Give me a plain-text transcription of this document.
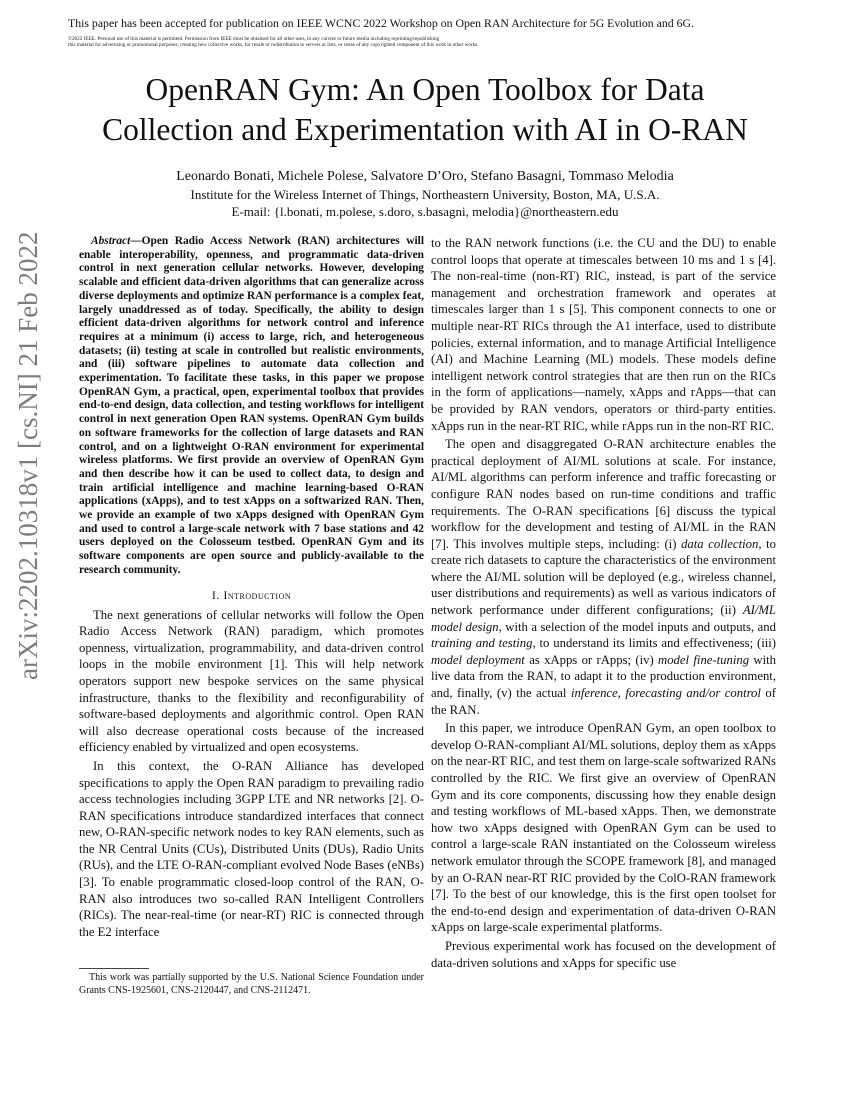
This paper has been accepted for publication on IEEE WCNC 2022 Workshop on Open RAN Architecture for 5G Evolution and 6G.
©2022 IEEE. Personal use of this material is permitted. Permission from IEEE must be obtained for all other uses, in any current or future media including reprinting/republishing
this material for advertising or promotional purposes, creating new collective works, for resale or redistribution to servers or lists, or reuse of any copyrighted component of this work in other works.
OpenRAN Gym: An Open Toolbox for Data
Collection and Experimentation with AI in O-RAN
Leonardo Bonati, Michele Polese, Salvatore D’Oro, Stefano Basagni, Tommaso Melodia
Institute for the Wireless Internet of Things, Northeastern University, Boston, MA, U.S.A.
E-mail: {l.bonati, m.polese, s.doro, s.basagni, melodia}@northeastern.edu
arXiv:2202.10318v1 [cs.NI] 21 Feb 2022	Abstract—Open Radio Access Network (RAN) architectures will enable interoperability, openness, and programmatic data-driven control in next generation cellular networks. However, developing scalable and efficient data-driven algorithms that can generalize across diverse deployments and optimize RAN performance is a complex feat, largely unaddressed as of today. Specifically, the ability to design efficient data-driven algorithms for network control and inference requires at a minimum (i) access to large, rich, and heterogeneous datasets; (ii) testing at scale in controlled but realistic environments, and (iii) software pipelines to automate data collection and experimentation. To facilitate these tasks, in this paper we propose OpenRAN Gym, a practical, open, experimental toolbox that provides end-to-end design, data collection, and testing workflows for intelligent control in next generation Open RAN systems. OpenRAN Gym builds on software frameworks for the collection of large datasets and RAN control, and on a lightweight O-RAN environment for experimental wireless platforms. We first provide an overview of OpenRAN Gym and then describe how it can be used to collect data, to design and train artificial intelligence and machine learning-based O-RAN applications (xApps), and to test xApps on a softwarized RAN. Then, we provide an example of two xApps designed with OpenRAN Gym and used to control a large-scale network with 7 base stations and 42 users deployed on the Colosseum testbed. OpenRAN Gym and its software components are open source and publicly-available to the research community.

I. Introduction

The next generations of cellular networks will follow the Open Radio Access Network (RAN) paradigm, which promotes openness, virtualization, programmability, and data-driven control loops in the mobile environment [1]. This will help network operators support new bespoke services on the same physical infrastructure, thanks to the flexibility and reconfigurability of software-based deployments and algorithmic control. Open RAN will also decrease operational costs because of the increased efficiency enabled by virtualized and open ecosystems.

In this context, the O-RAN Alliance has developed specifications to apply the Open RAN paradigm to prevailing radio access technologies including 3GPP LTE and NR networks [2]. O-RAN specifications introduce standardized interfaces that connect new, O-RAN-specific network nodes to key RAN elements, such as the NR Central Units (CUs), Distributed Units (DUs), Radio Units (RUs), and the LTE O-RAN-compliant evolved Node Bases (eNBs) [3]. To enable programmatic closed-loop control of the RAN, O-RAN also introduces two so-called RAN Intelligent Controllers (RICs). The near-real-time (or near-RT) RIC is connected through the E2 interface

to the RAN network functions (i.e. the CU and the DU) to enable control loops that operate at timescales between 10 ms and 1 s [4]. The non-real-time (non-RT) RIC, instead, is part of the service management and orchestration framework and operates at timescales larger than 1 s [5]. This component connects to one or multiple near-RT RICs through the A1 interface, used to distribute policies, external information, and to manage Artificial Intelligence (AI) and Machine Learning (ML) models. These models define intelligent network control strategies that are then run on the RICs in the form of applications—namely, xApps and rApps—that can be provided by RAN vendors, operators or third-party entities. xApps run in the near-RT RIC, while rApps run in the non-RT RIC.

The open and disaggregated O-RAN architecture enables the practical deployment of AI/ML solutions at scale. For instance, AI/ML algorithms can perform inference and traffic forecasting or configure RAN nodes based on run-time conditions and traffic requirements. The O-RAN specifications [6] discuss the typical workflow for the development and testing of AI/ML in the RAN [7]. This involves multiple steps, including: (i) data collection, to create rich datasets to capture the characteristics of the environment where the AI/ML solution will be deployed (e.g., wireless channel, user distributions and requirements) as well as various indicators of network performance under different configurations; (ii) AI/ML model design, with a selection of the model inputs and outputs, and training and testing, to understand its limits and effectiveness; (iii) model deployment as xApps or rApps; (iv) model fine-tuning with live data from the RAN, to adapt it to the production environment, and, finally, (v) the actual inference, forecasting and/or control of the RAN.

In this paper, we introduce OpenRAN Gym, an open toolbox to develop O-RAN-compliant AI/ML solutions, deploy them as xApps on the near-RT RIC, and test them on large-scale softwarized RANs controlled by the RIC. We first give an overview of OpenRAN Gym and its core components, discussing how they enable design and testing workflows of ML-based xApps. Then, we demonstrate how two xApps designed with OpenRAN Gym can be used to control a large-scale RAN instantiated on the Colosseum wireless network emulator through the SCOPE framework [8], and managed by an O-RAN near-RT RIC provided by the ColO-RAN framework [7]. To the best of our knowledge, this is the first open toolset for the end-to-end design and experimentation of data-driven O-RAN xApps on large-scale experimental platforms.

Previous experimental work has focused on the development of data-driven solutions and xApps for specific use

This work was partially supported by the U.S. National Science Foundation under Grants CNS-1925601, CNS-2120447, and CNS-2112471.
